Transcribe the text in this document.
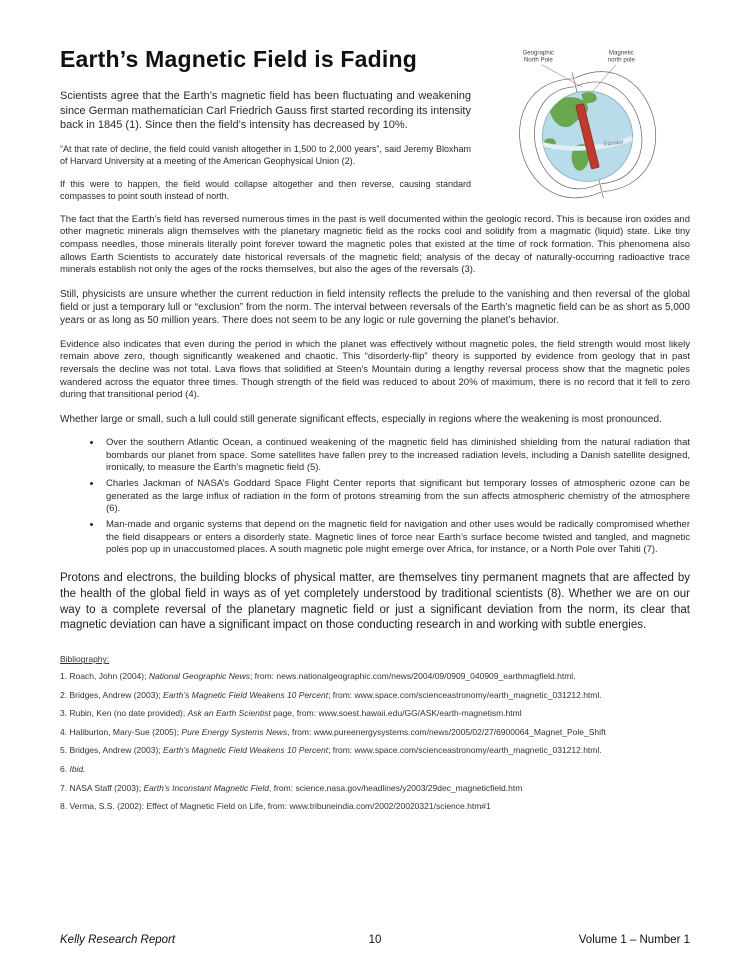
Geographic
North Pole
Magnetic
north pole
Equator
Earth’s Magnetic Field is Fading

Scientists agree that the Earth’s magnetic field has been fluctuating and weakening since German mathematician Carl Friedrich Gauss first started recording its intensity back in 1845 (1). Since then the field’s intensity has decreased by 10%.

“At that rate of decline, the field could vanish altogether in 1,500 to 2,000 years”, said Jeremy Bloxham of Harvard University at a meeting of the American Geophysical Union (2).

If this were to happen, the field would collapse altogether and then reverse, causing standard compasses to point south instead of north.

The fact that the Earth’s field has reversed numerous times in the past is well documented within the geologic record. This is because iron oxides and other magnetic minerals align themselves with the planetary magnetic field as the rocks cool and solidify from a magmatic (liquid) state. Like tiny compass needles, those minerals literally point forever toward the magnetic poles that existed at the time of rock formation. This phenomena also allows Earth Scientists to accurately date historical reversals of the magnetic field; analysis of the decay of naturally-occurring radioactive trace minerals establish not only the ages of the rocks themselves, but also the ages of the reversals (3).

Still, physicists are unsure whether the current reduction in field intensity reflects the prelude to the vanishing and then reversal of the global field or just a temporary lull or “exclusion” from the norm. The interval between reversals of the Earth’s magnetic field can be as short as 5,000 years or as long as 50 million years. There does not seem to be any logic or rule governing the planet’s behavior.

Evidence also indicates that even during the period in which the planet was effectively without magnetic poles, the field strength would most likely remain above zero, though significantly weakened and chaotic. This “disorderly-flip” theory is supported by evidence from geology that in past reversals the decline was not total. Lava flows that solidified at Steen’s Mountain during a lengthy reversal process show that the magnetic poles wandered across the equator three times. Though strength of the field was reduced to about 20% of maximum, there is no record that it fell to zero during that transitional period (4).

Whether large or small, such a lull could still generate significant effects, especially in regions where the weakening is most pronounced.

• Over the southern Atlantic Ocean, a continued weakening of the magnetic field has diminished shielding from the natural radiation that bombards our planet from space. Some satellites have fallen prey to the increased radiation levels, including a Danish satellite designed, ironically, to measure the Earth’s magnetic field (5).
• Charles Jackman of NASA’s Goddard Space Flight Center reports that significant but temporary losses of atmospheric ozone can be generated as the large influx of radiation in the form of protons streaming from the sun affects atmospheric chemistry of the atmosphere (6).
• Man-made and organic systems that depend on the magnetic field for navigation and other uses would be radically compromised whether the field disappears or enters a disorderly state. Magnetic lines of force near Earth’s surface become twisted and tangled, and magnetic poles pop up in unaccustomed places. A south magnetic pole might emerge over Africa, for instance, or a North Pole over Tahiti (7).

Protons and electrons, the building blocks of physical matter, are themselves tiny permanent magnets that are affected by the health of the global field in ways as of yet completely understood by traditional scientists (8). Whether we are on our way to a complete reversal of the planetary magnetic field or just a significant deviation from the norm, its clear that magnetic deviation can have a significant impact on those conducting research in and working with subtle energies.

Bibliography:

1. Roach, John (2004); National Geographic News; from: news.nationalgeographic.com/news/2004/09/0909_040909_earthmagfield.html.

2. Bridges, Andrew (2003); Earth’s Magnetic Field Weakens 10 Percent; from: www.space.com/scienceastronomy/earth_magnetic_031212.html.

3. Rubin, Ken (no date provided); Ask an Earth Scientist page, from: www.soest.hawaii.edu/GG/ASK/earth-magnetism.html

4. Haliburton, Mary-Sue (2005); Pure Energy Systems News, from: www.pureenergysystems.com/news/2005/02/27/6900064_Magnet_Pole_Shift

5. Bridges, Andrew (2003); Earth’s Magnetic Field Weakens 10 Percent; from: www.space.com/scienceastronomy/earth_magnetic_031212.html.

6. Ibid.

7. NASA Staff (2003); Earth’s Inconstant Magnetic Field, from: science.nasa.gov/headlines/y2003/29dec_magneticfield.htm

8. Verma, S.S. (2002): Effect of Magnetic Field on Life, from: www.tribuneindia.com/2002/20020321/science.htm#1

Kelly Research Report	10	Volume 1 – Number 1
